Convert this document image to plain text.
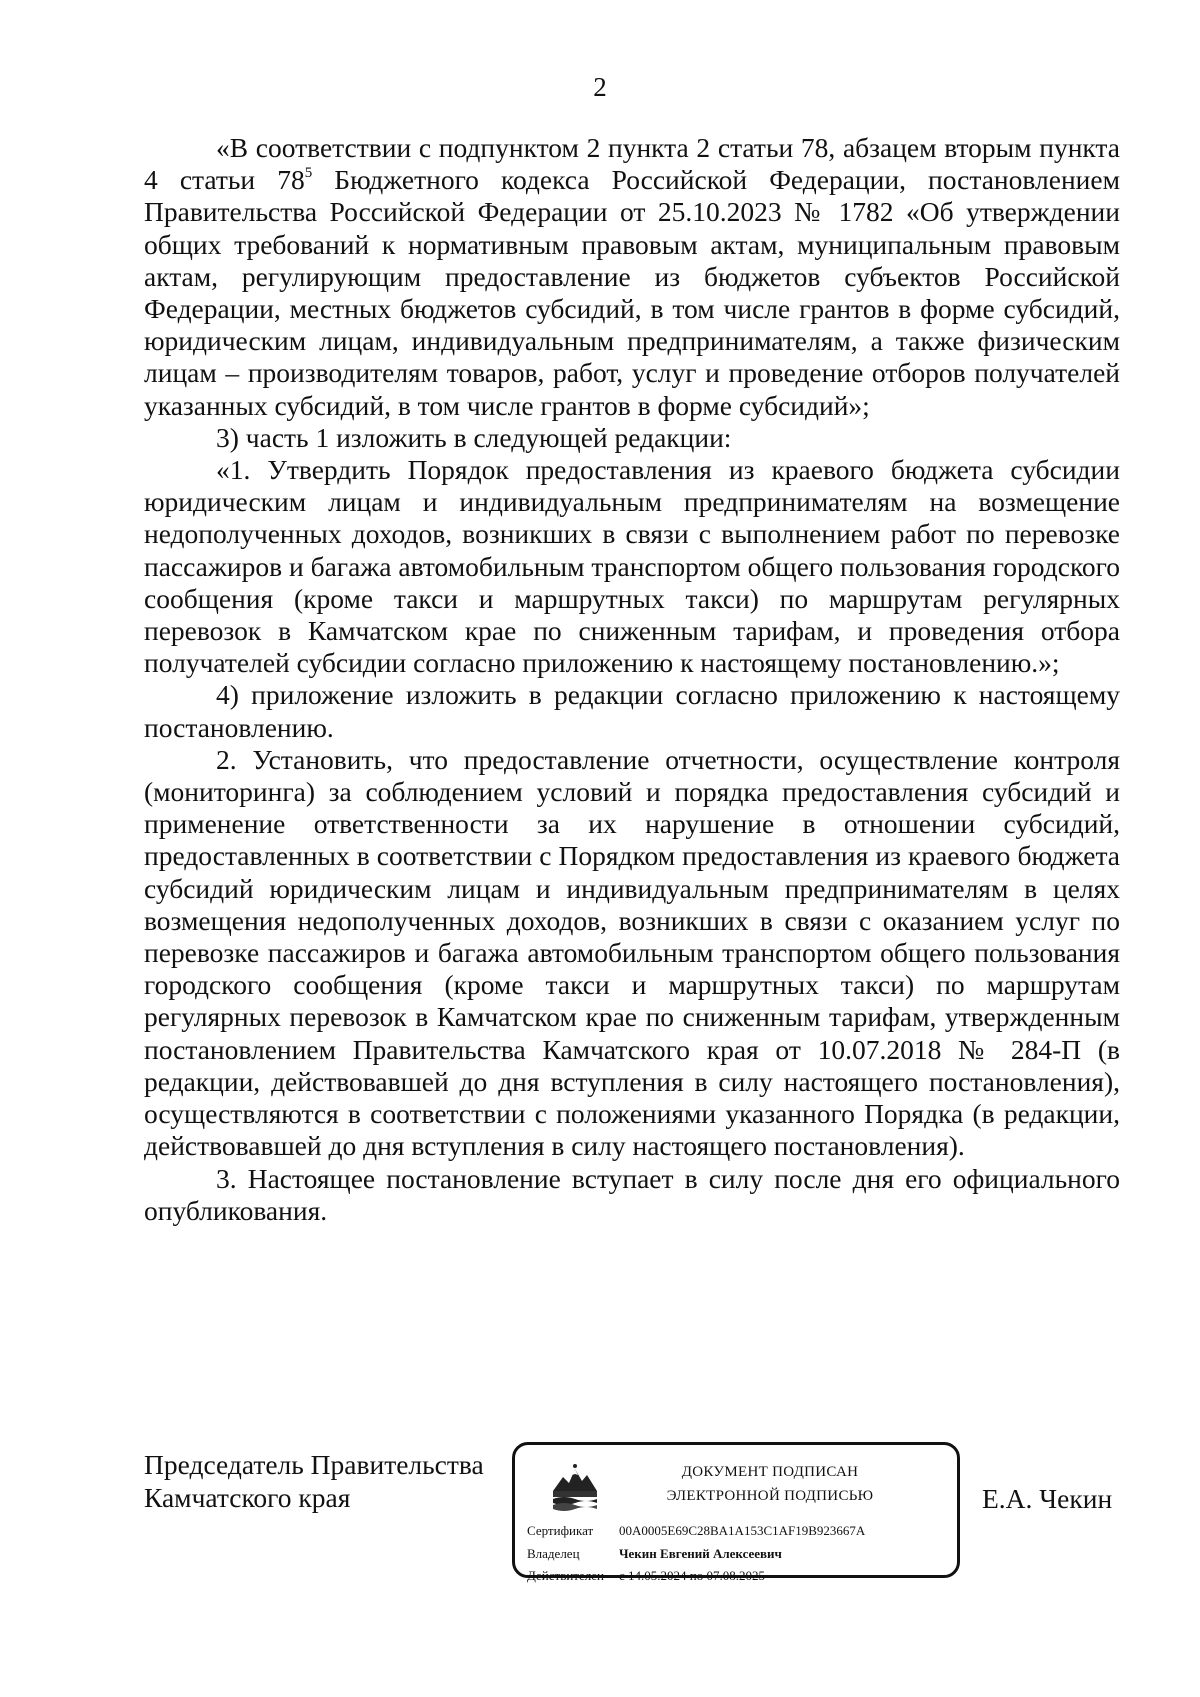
2

«В соответствии с подпунктом 2 пункта 2 статьи 78, абзацем вторым пункта 4 статьи $78^5$ Бюджетного кодекса Российской Федерации, постановлением Правительства Российской Федерации от 25.10.2023 № 1782 «Об утверждении общих требований к нормативным правовым актам, муниципальным правовым актам, регулирующим предоставление из бюджетов субъектов Российской Федерации, местных бюджетов субсидий, в том числе грантов в форме субсидий, юридическим лицам, индивидуальным предпринимателям, а также физическим лицам – производителям товаров, работ, услуг и проведение отборов получателей указанных субсидий, в том числе грантов в форме субсидий»;

3) часть 1 изложить в следующей редакции:

«1. Утвердить Порядок предоставления из краевого бюджета субсидии юридическим лицам и индивидуальным предпринимателям на возмещение недополученных доходов, возникших в связи с выполнением работ по перевозке пассажиров и багажа автомобильным транспортом общего пользования городского сообщения (кроме такси и маршрутных такси) по маршрутам регулярных перевозок в Камчатском крае по сниженным тарифам, и проведения отбора получателей субсидии согласно приложению к настоящему постановлению.»;

4) приложение изложить в редакции согласно приложению к настоящему постановлению.

2. Установить, что предоставление отчетности, осуществление контроля (мониторинга) за соблюдением условий и порядка предоставления субсидий и применение ответственности за их нарушение в отношении субсидий, предоставленных в соответствии с Порядком предоставления из краевого бюджета субсидий юридическим лицам и индивидуальным предпринимателям в целях возмещения недополученных доходов, возникших в связи с оказанием услуг по перевозке пассажиров и багажа автомобильным транспортом общего пользования городского сообщения (кроме такси и маршрутных такси) по маршрутам регулярных перевозок в Камчатском крае по сниженным тарифам, утвержденным постановлением Правительства Камчатского края от 10.07.2018 № 284-П (в редакции, действовавшей до дня вступления в силу настоящего постановления), осуществляются в соответствии с положениями указанного Порядка (в редакции, действовавшей до дня вступления в силу настоящего постановления).

3. Настоящее постановление вступает в силу после дня его официального опубликования.

Председатель Правительства
Камчатского края
ДОКУМЕНТ ПОДПИСАН
ЭЛЕКТРОННОЙ ПОДПИСЬЮ
Сертификат 00A0005E69C28BA1A153C1AF19B923667A
Владелец	Чекин Евгений Алексеевич
Действителен с 14.05.2024 по 07.08.2025
Е.А. Чекин
